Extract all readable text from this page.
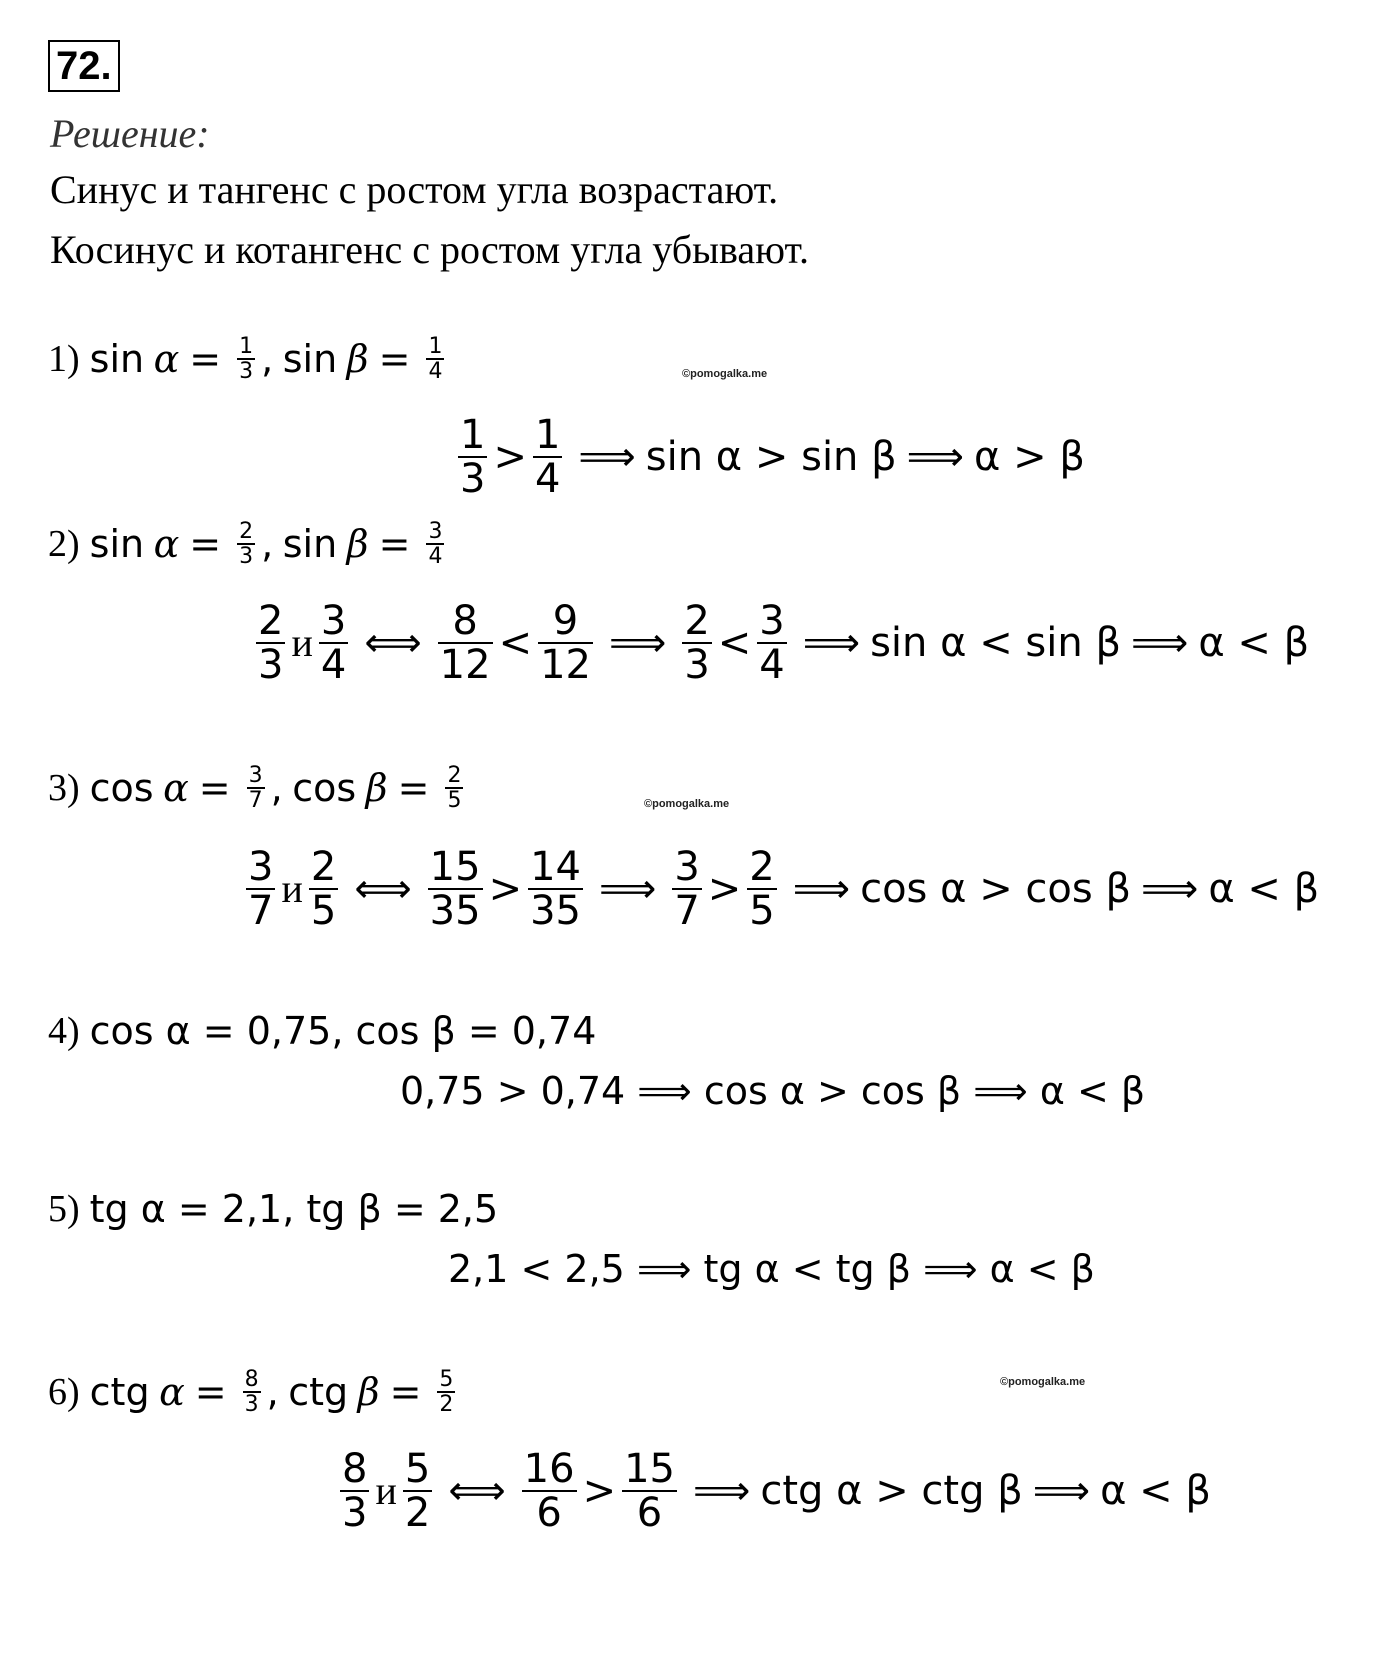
72.
Решение:
Синус и тангенс с ростом угла возрастают.
Косинус и котангенс с ростом угла убывают.
1) sin
$\alpha = \frac{1}{3}$ ,
sin
$\beta = \frac{1}{4}$	©pomogalka.me
$\frac{1}{3} > \frac{1}{4}$ ⟹ sin α > sin β ⟹ α > β
2) sin
$\alpha = \frac{2}{3}$ ,
sin
$\beta = \frac{3}{4}$
$\frac{2}{3}$ и $\frac{3}{4}$ ⟺ $\frac{8}{12} < \frac{9}{12}$ ⟹ $\frac{2}{3} < \frac{3}{4}$ ⟹ sin α < sin β ⟹ α < β
3) cos
$\alpha = \frac{3}{7}$ ,
cos
$\beta = \frac{2}{5}$	©pomogalka.me
$\frac{3}{7}$ и $\frac{2}{5}$ ⟺ $\frac{15}{35} > \frac{14}{35}$ ⟹ $\frac{3}{7} > \frac{2}{5}$ ⟹ cos α > cos β ⟹ α < β
4) cos α = 0,75, cos β = 0,74
0,75 > 0,74 ⟹ cos α > cos β ⟹ α < β
5) tg α = 2,1, tg β = 2,5
2,1 < 2,5 ⟹ tg α < tg β ⟹ α < β
6) ctg
$\alpha = \frac{8}{3}$ ,
ctg
$\beta = \frac{5}{2}$	©pomogalka.me
$\frac{8}{3}$ и $\frac{5}{2}$ ⟺ $\frac{16}{6} > \frac{15}{6}$ ⟹ ctg α > ctg β ⟹ α < β
